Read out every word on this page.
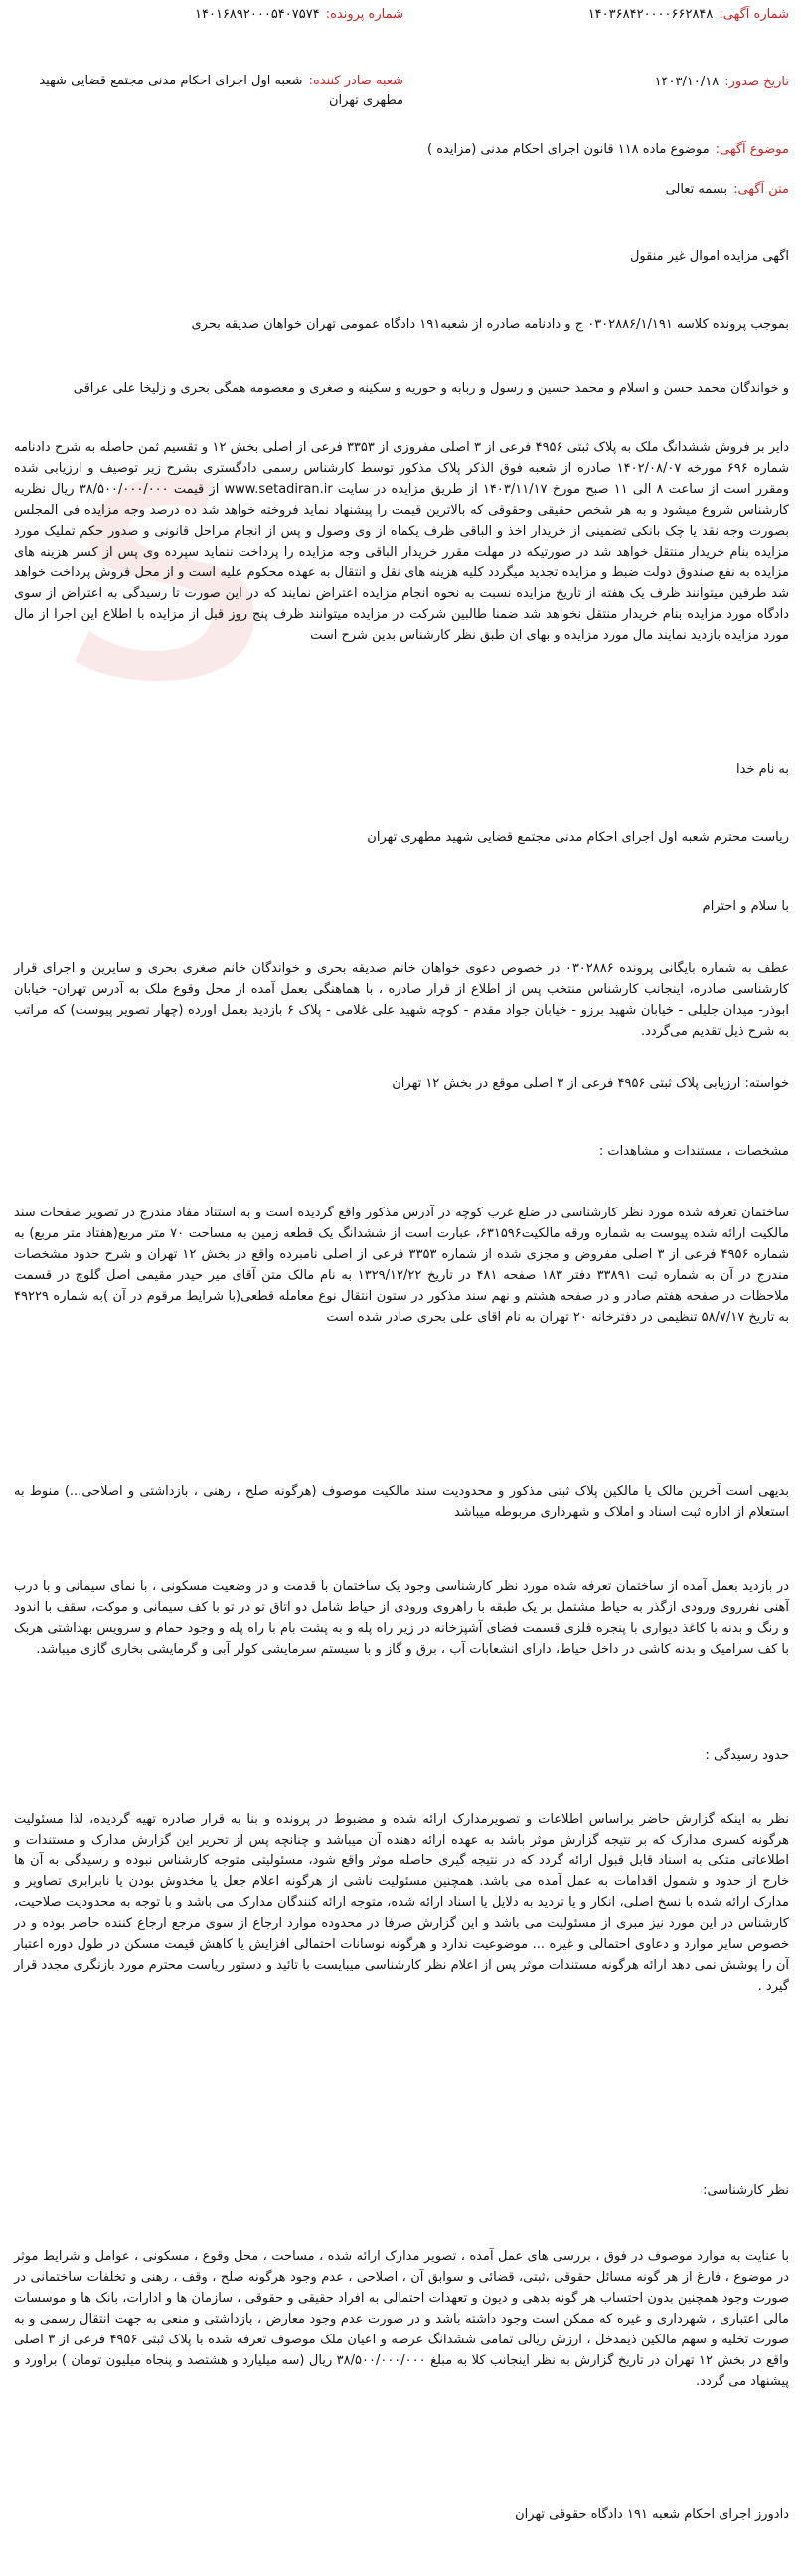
شماره آگهی:۱۴۰۳۶۸۴۲۰۰۰۰۶۶۲۸۴۸
شماره پرونده:۱۴۰۱۶۸۹۲۰۰۰۵۴۰۷۵۷۴
تاریخ صدور:۱۴۰۳/۱۰/۱۸
شعبه صادر کننده:شعبه اول اجرای احکام مدنی مجتمع قضایی شهید مطهری تهران
موضوع آگهی:موضوع ماده ۱۱۸ قانون اجرای احکام مدنی (مزایده )
متن آگهی:بسمه تعالی
اگهی مزایده اموال غیر منقول
بموجب پرونده کلاسه ۰۳۰۲۸۸۶/۱/۱۹۱ ج و دادنامه صادره از شعبه۱۹۱ دادگاه عمومی تهران خواهان صدیقه بحری
و خواندگان محمد حسن و اسلام و محمد حسین و رسول و ربابه و حوریه و سکینه و صغری و معصومه همگی بحری و زلیخا علی عراقی
دایر بر فروش ششدانگ ملک به پلاک ثبتی ۴۹۵۶ فرعی از ۳ اصلی مفروزی از ۳۳۵۳ فرعی از اصلی بخش ۱۲ و تقسیم ثمن حاصله به شرح دادنامه شماره ۶۹۶ مورخه ۱۴۰۲/۰۸/۰۷ صادره از شعبه فوق الذکر پلاک مذکور توسط کارشناس رسمی دادگستری بشرح زیر توصیف و ارزیابی شده ومقرر است از ساعت ۸ الی ۱۱ صبح مورخ ۱۴۰۳/۱۱/۱۷ از طریق مزایده در سایت www.setadiran.ir از قیمت ۳۸/۵۰۰/۰۰۰/۰۰۰ ریال نظریه کارشناس شروع میشود و به هر شخص حقیقی وحقوقی که بالاترین قیمت را پیشنهاد نماید فروخته خواهد شد ده درصد وجه مزایده فی المجلس بصورت وجه نقد یا چک بانکی تضمینی از خریدار اخذ و الباقی ظرف یکماه از وی وصول و پس از انجام مراحل قانونی و صدور حکم تملیک مورد مزایده بنام خریدار منتقل خواهد شد در صورتیکه در مهلت مقرر خریدار الباقی وجه مزایده را پرداخت ننماید سپرده وی پس از کسر هزینه های مزایده به نفع صندوق دولت ضبط و مزایده تجدید میگردد کلیه هزینه های نقل و انتقال به عهده محکوم علیه است و از محل فروش پرداخت خواهد شد طرفین میتوانند ظرف یک هفته از تاریخ مزایده نسبت به نحوه انجام مزایده اعتراض نمایند که در این صورت تا رسیدگی به اعتراض از سوی دادگاه مورد مزایده بنام خریدار منتقل نخواهد شد ضمنا طالبین شرکت در مزایده میتوانند ظرف پنج روز قبل از مزایده با اطلاع این اجرا از مال مورد مزایده بازدید نمایند مال مورد مزایده و بهای ان طبق نظر کارشناس بدین شرح است
به نام خدا
ریاست محترم شعبه اول اجرای احکام مدنی مجتمع قضایی شهید مطهری تهران
با سلام و احترام
عطف به شماره بایگانی پرونده ۰۳۰۲۸۸۶ در خصوص دعوی خواهان خانم صدیقه بحری و خواندگان خانم صغری بحری و سایرین و اجرای قرار کارشناسی صادره، اینجانب کارشناس منتخب پس از اطلاع از قرار صادره ، با هماهنگی بعمل آمده از محل وقوع ملک به آدرس تهران- خیابان ابوذر- میدان جلیلی - خیابان شهید برزو - خیابان جواد مقدم - کوچه شهید علی غلامی - پلاک ۶ بازدید بعمل اورده (چهار تصویر پیوست) که مراتب به شرح ذیل تقدیم می‌گردد.
خواسته: ارزیابی پلاک ثبتی ۴۹۵۶ فرعی از ۳ اصلی موقع در بخش ۱۲ تهران
مشخصات ، مستندات و مشاهدات :
ساختمان تعرفه شده مورد نظر کارشناسی در ضلع غرب کوچه در آدرس مذکور واقع گردیده است و به استناد مفاد مندرج در تصویر صفحات سند مالکیت ارائه شده پیوست به شماره ورقه مالکیت۶۳۱۵۹۶، عبارت است از ششدانگ یک قطعه زمین به مساحت ۷۰ متر مربع(هفتاد متر مربع) به شماره ۴۹۵۶ فرعی از ۳ اصلی مفروض و مجزی شده از شماره ۳۳۵۳ فرعی از اصلی نامبرده واقع در بخش ۱۲ تهران و شرح حدود مشخصات مندرج در آن به شماره ثبت ۳۳۸۹۱ دفتر ۱۸۳ صفحه ۴۸۱ در تاریخ ۱۳۲۹/۱۲/۲۲ به نام مالک متن آقای میر حیدر مقیمی اصل گلوچ در قسمت ملاحظات در صفحه هفتم صادر و در صفحه هشتم و نهم سند مذکور در ستون انتقال نوع معامله قطعی(با شرایط مرقوم در آن )به شماره ۴۹۲۲۹ به تاریخ ۵۸/۷/۱۷ تنظیمی در دفترخانه ۲۰ تهران به نام اقای علی بحری صادر شده است
بدیهی است آخرین مالک یا مالکین پلاک ثبتی مذکور و محدودیت سند مالکیت موصوف (هرگونه صلح ، رهنی ، بازداشتی و اصلاحی...) منوط به استعلام از اداره ثبت اسناد و املاک و شهرداری مربوطه میباشد
در بازدید بعمل آمده از ساختمان تعرفه شده مورد نظر کارشناسی وجود یک ساختمان با قدمت و در وضعیت مسکونی ، با نمای سیمانی و با درب آهنی نفرروی ورودی ازگذر به حیاط مشتمل بر یک طبقه با راهروی ورودی از حیاط شامل دو اتاق تو در تو با کف سیمانی و موکت، سقف با اندود و رنگ و بدنه با کاغذ دیواری با پنجره فلزی قسمت فضای آشپزخانه در زیر راه پله و به پشت بام با راه پله و وجود حمام و سرویس بهداشتی هربک با کف سرامیک و بدنه کاشی در داخل حیاط، دارای انشعابات آب ، برق و گاز و با سیستم سرمایشی کولر آبی و گرمایشی بخاری گازی میباشد.
حدود رسیدگی :
نظر به اینکه گزارش حاضر براساس اطلاعات و تصویرمدارک ارائه شده و مضبوط در پرونده و بنا به قرار صادره تهیه گردیده، لذا مسئولیت هرگونه کسری مدارک که بر نتیجه گزارش موثر باشد به عهده ارائه دهنده آن میباشد و چنانچه پس از تحریر این گزارش مدارک و مستندات و اطلاعاتی متکی به اسناد قابل قبول ارائه گردد که در نتیجه گیری حاصله موثر واقع شود، مسئولیتی متوجه کارشناس نبوده و رسیدگی به آن ها خارج از حدود و شمول اقدامات به عمل آمده می باشد. همچنین مسئولیت ناشی از هرگونه اعلام جعل یا مخدوش بودن یا نابرابری تصاویر و مدارک ارائه شده با نسخ اصلی، انکار و یا تردید به دلایل یا اسناد ارائه شده، متوجه ارائه کنندگان مدارک می باشد و با توجه به محدودیت صلاحیت، کارشناس در این مورد نیز مبری از مسئولیت می باشد و این گزارش صرفا در محدوده موارد ارجاع از سوی مرجع ارجاع کننده حاضر بوده و در خصوص سایر موارد و دعاوی احتمالی و غیره ... موضوعیت ندارد و هرگونه نوسانات احتمالی افزایش یا کاهش قیمت مسکن در طول دوره اعتبار آن را پوشش نمی دهد ارائه هرگونه مستندات موثر پس از اعلام نظر کارشناسی میبایست با تائید و دستور ریاست محترم مورد بازنگری مجدد قرار گیرد .
نظر کارشناسی:
با عنایت به موارد موصوف در فوق ، بررسی های عمل آمده ، تصویر مدارک ارائه شده ، مساحت ، محل وقوع ، مسکونی ، عوامل و شرایط موثر در موضوع ، فارغ از هر گونه مسائل حقوقی ،ثبتی، قضائی و سوابق آن ، اصلاحی ، عدم وجود هرگونه صلح ، وقف ، رهنی و تخلفات ساختمانی در صورت وجود همچنین بدون احتساب هر گونه بدهی و دیون و تعهدات احتمالی به افراد حقیقی و حقوقی ، سازمان ها و ادارات، بانک ها و موسسات مالی اعتباری ، شهرداری و غیره که ممکن است وجود داشته باشد و در صورت عدم وجود معارض ، بازداشتی و منعی به جهت انتقال رسمی و به صورت تخلیه و سهم مالکین ذیمدخل ، ارزش ریالی تمامی ششدانگ عرصه و اعیان ملک موصوف تعرفه شده با پلاک ثبتی ۴۹۵۶ فرعی از ۳ اصلی واقع در بخش ۱۲ تهران در تاریخ گزارش به نظر اینجانب کلا به مبلغ ۳۸/۵۰۰/۰۰۰/۰۰۰ ریال (سه میلیارد و هشتصد و پنجاه میلیون تومان ) براورد و پیشنهاد می گردد.
دادورز اجرای احکام شعبه ۱۹۱ دادگاه حقوقی تهران
